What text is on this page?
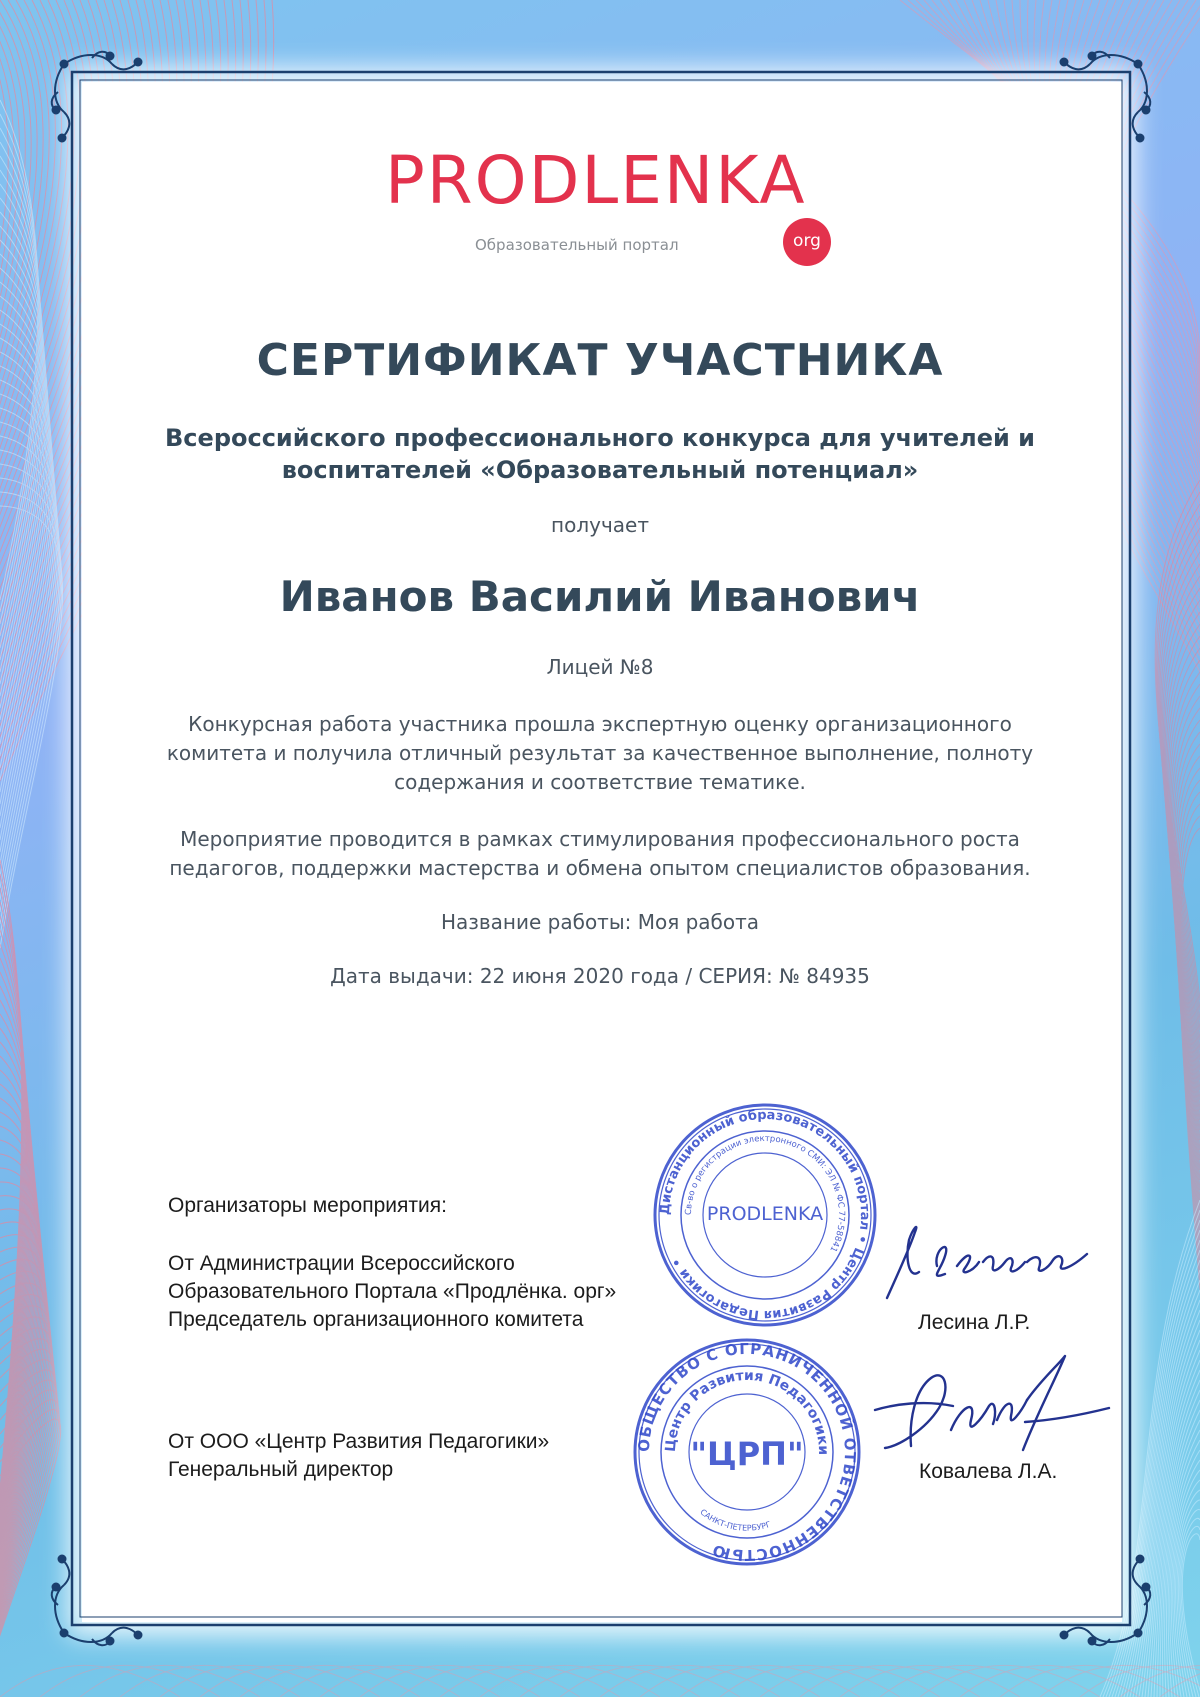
PRODLENKA
org
Образовательный портал
СЕРТИФИКАТ УЧАСТНИКА
Всероссийского профессионального конкурса для учителей и
воспитателей «Образовательный потенциал»
получает
Иванов Василий Иванович
Лицей №8
Конкурсная работа участника прошла экспертную оценку организационного
комитета и получила отличный результат за качественное выполнение, полноту
содержания и соответствие тематике.
Мероприятие проводится в рамках стимулирования профессионального роста
педагогов, поддержки мастерства и обмена опытом специалистов образования.
Название работы: Моя работа
Дата выдачи: 22 июня 2020 года / СЕРИЯ: № 84935
Организаторы мероприятия:
От Администрации Всероссийского
Образовательного Портала «Продлёнка. орг»
Председатель организационного комитета
От ООО «Центр Развития Педагогики»
Генеральный директор
Лесина Л.Р.
Ковалева Л.А.
Дистанционный образовательный портал • Центр Развития Педагогики •
Св-во о регистрации электронного СМИ: ЭЛ № ФС 77-58841
PRODLENKA
ОБЩЕСТВО С ОГРАНИЧЕННОЙ ОТВЕТСТВЕННОСТЬЮ
Центр Развития Педагогики
САНКТ-ПЕТЕРБУРГ
"ЦРП"
